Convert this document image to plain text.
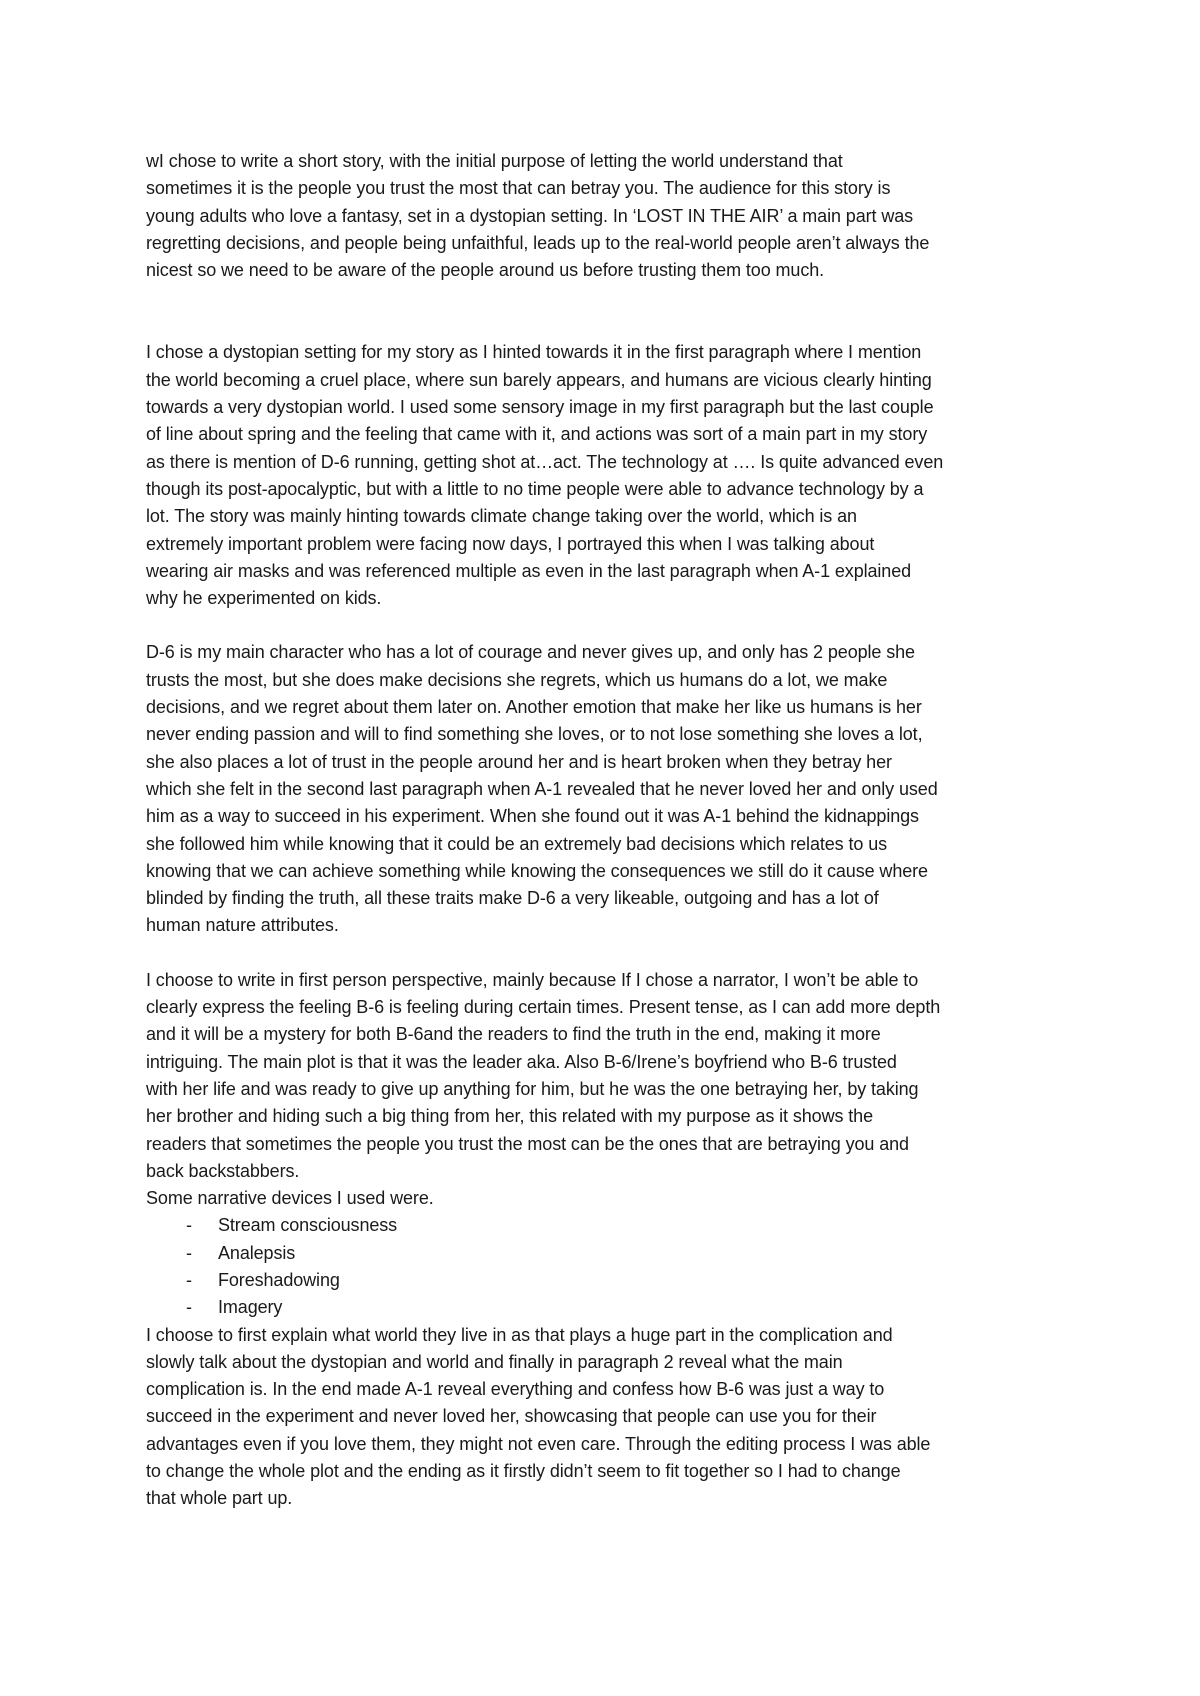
wI chose to write a short story, with the initial purpose of letting the world understand that
sometimes it is the people you trust the most that can betray you. The audience for this story is
young adults who love a fantasy, set in a dystopian setting. In ‘LOST IN THE AIR’ a main part was
regretting decisions, and people being unfaithful, leads up to the real-world people aren’t always the
nicest so we need to be aware of the people around us before trusting them too much.

I chose a dystopian setting for my story as I hinted towards it in the first paragraph where I mention
the world becoming a cruel place, where sun barely appears, and humans are vicious clearly hinting
towards a very dystopian world. I used some sensory image in my first paragraph but the last couple
of line about spring and the feeling that came with it, and actions was sort of a main part in my story
as there is mention of D-6 running, getting shot at…act. The technology at …. Is quite advanced even
though its post-apocalyptic, but with a little to no time people were able to advance technology by a
lot. The story was mainly hinting towards climate change taking over the world, which is an
extremely important problem were facing now days, I portrayed this when I was talking about
wearing air masks and was referenced multiple as even in the last paragraph when A-1 explained
why he experimented on kids.

D-6 is my main character who has a lot of courage and never gives up, and only has 2 people she
trusts the most, but she does make decisions she regrets, which us humans do a lot, we make
decisions, and we regret about them later on. Another emotion that make her like us humans is her
never ending passion and will to find something she loves, or to not lose something she loves a lot,
she also places a lot of trust in the people around her and is heart broken when they betray her
which she felt in the second last paragraph when A-1 revealed that he never loved her and only used
him as a way to succeed in his experiment. When she found out it was A-1 behind the kidnappings
she followed him while knowing that it could be an extremely bad decisions which relates to us
knowing that we can achieve something while knowing the consequences we still do it cause where
blinded by finding the truth, all these traits make D-6 a very likeable, outgoing and has a lot of
human nature attributes.

I choose to write in first person perspective, mainly because If I chose a narrator, I won’t be able to
clearly express the feeling B-6 is feeling during certain times. Present tense, as I can add more depth
and it will be a mystery for both B-6and the readers to find the truth in the end, making it more
intriguing. The main plot is that it was the leader aka. Also B-6/Irene’s boyfriend who B-6 trusted
with her life and was ready to give up anything for him, but he was the one betraying her, by taking
her brother and hiding such a big thing from her, this related with my purpose as it shows the
readers that sometimes the people you trust the most can be the ones that are betraying you and
back backstabbers.

Some narrative devices I used were.

- Stream consciousness
- Analepsis
- Foreshadowing
- Imagery

I choose to first explain what world they live in as that plays a huge part in the complication and
slowly talk about the dystopian and world and finally in paragraph 2 reveal what the main
complication is. In the end made A-1 reveal everything and confess how B-6 was just a way to
succeed in the experiment and never loved her, showcasing that people can use you for their
advantages even if you love them, they might not even care. Through the editing process I was able
to change the whole plot and the ending as it firstly didn’t seem to fit together so I had to change
that whole part up.
